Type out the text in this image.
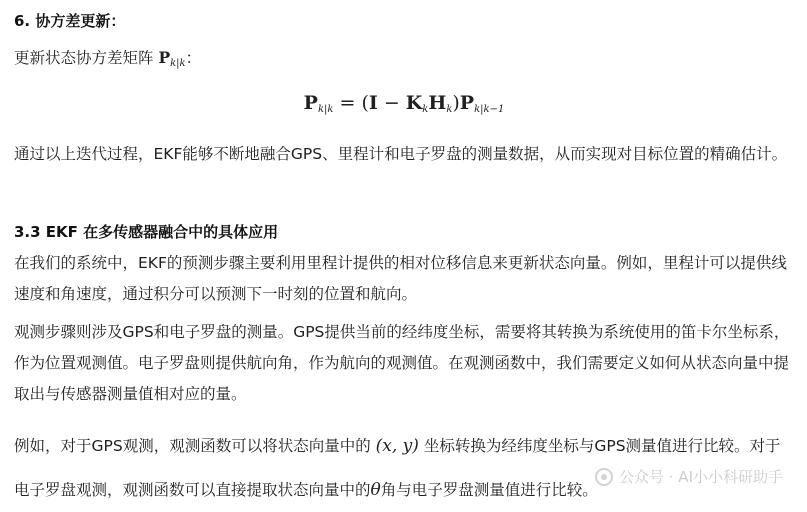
6. 协方差更新：

更新状态协方差矩阵 $P_{k|k}$：

$P_{k|k} = (I - K_kH_k)P_{k|k-1}$

通过以上迭代过程，EKF能够不断地融合GPS、里程计和电子罗盘的测量数据，从而实现对目标位置的精确估计。

3.3 EKF 在多传感器融合中的具体应用

在我们的系统中，EKF的预测步骤主要利用里程计提供的相对位移信息来更新状态向量。例如，里程计可以提供线速度和角速度，通过积分可以预测下一时刻的位置和航向。

观测步骤则涉及GPS和电子罗盘的测量。GPS提供当前的经纬度坐标，需要将其转换为系统使用的笛卡尔坐标系，作为位置观测值。电子罗盘则提供航向角，作为航向的观测值。在观测函数中，我们需要定义如何从状态向量中提取出与传感器测量值相对应的量。

例如，对于GPS观测，观测函数可以将状态向量中的 (x, y) 坐标转换为经纬度坐标与GPS测量值进行比较。对于电子罗盘观测，观测函数可以直接提取状态向量中的θ角与电子罗盘测量值进行比较。

公众号 · AI小小科研助手
